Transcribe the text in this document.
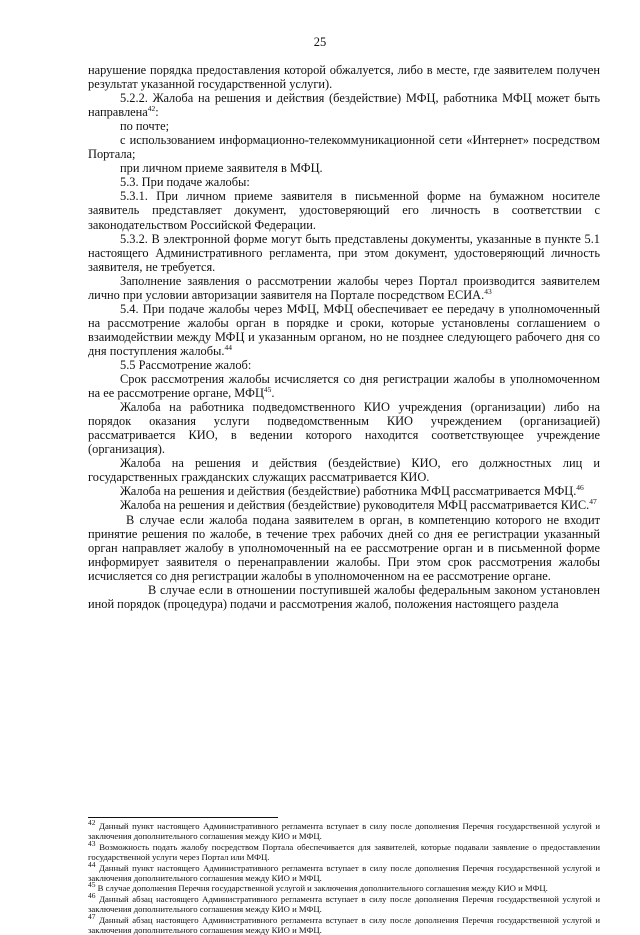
25

нарушение порядка предоставления которой обжалуется, либо в месте, где заявителем получен результат указанной государственной услуги).

5.2.2. Жалоба на решения и действия (бездействие) МФЦ, работника МФЦ может быть направлена$^{42}$:

по почте;

с использованием информационно-телекоммуникационной сети «Интернет» посредством Портала;

при личном приеме заявителя в МФЦ.

5.3. При подаче жалобы:

5.3.1. При личном приеме заявителя в письменной форме на бумажном носителе заявитель представляет документ, удостоверяющий его личность в соответствии с законодательством Российской Федерации.

5.3.2. В электронной форме могут быть представлены документы, указанные в пункте 5.1 настоящего Административного регламента, при этом документ, удостоверяющий личность заявителя, не требуется.

Заполнение заявления о рассмотрении жалобы через Портал производится заявителем лично при условии авторизации заявителя на Портале посредством ЕСИА.$^{43}$

5.4. При подаче жалобы через МФЦ, МФЦ обеспечивает ее передачу в уполномоченный на рассмотрение жалобы орган в порядке и сроки, которые установлены соглашением о взаимодействии между МФЦ и указанным органом, но не позднее следующего рабочего дня со дня поступления жалобы.$^{44}$

5.5 Рассмотрение жалоб:

Срок рассмотрения жалобы исчисляется со дня регистрации жалобы в уполномоченном на ее рассмотрение органе, МФЦ$^{45}$.

Жалоба на работника подведомственного КИО учреждения (организации) либо на порядок оказания услуги подведомственным КИО учреждением (организацией) рассматривается КИО, в ведении которого находится соответствующее учреждение (организация).

Жалоба на решения и действия (бездействие) КИО, его должностных лиц и государственных гражданских служащих рассматривается КИО.

Жалоба на решения и действия (бездействие) работника МФЦ рассматривается МФЦ.$^{46}$

Жалоба на решения и действия (бездействие) руководителя МФЦ рассматривается КИС.$^{47}$

В случае если жалоба подана заявителем в орган, в компетенцию которого не входит принятие решения по жалобе, в течение трех рабочих дней со дня ее регистрации указанный орган направляет жалобу в уполномоченный на ее рассмотрение орган и в письменной форме информирует заявителя о перенаправлении жалобы. При этом срок рассмотрения жалобы исчисляется со дня регистрации жалобы в уполномоченном на ее рассмотрение органе.

В случае если в отношении поступившей жалобы федеральным законом установлен иной порядок (процедура) подачи и рассмотрения жалоб, положения настоящего раздела

$^{42}$ Данный пункт настоящего Административного регламента вступает в силу после дополнения Перечня государственной услугой и заключения дополнительного соглашения между КИО и МФЦ.

$^{43}$ Возможность подать жалобу посредством Портала обеспечивается для заявителей, которые подавали заявление о предоставлении государственной услуги через Портал или МФЦ.

$^{44}$ Данный пункт настоящего Административного регламента вступает в силу после дополнения Перечня государственной услугой и заключения дополнительного соглашения между КИО и МФЦ.

$^{45}$ В случае дополнения Перечня государственной услугой и заключения дополнительного соглашения между КИО и МФЦ.

$^{46}$ Данный абзац настоящего Административного регламента вступает в силу после дополнения Перечня государственной услугой и заключения дополнительного соглашения между КИО и МФЦ.

$^{47}$ Данный абзац настоящего Административного регламента вступает в силу после дополнения Перечня государственной услугой и заключения дополнительного соглашения между КИО и МФЦ.
